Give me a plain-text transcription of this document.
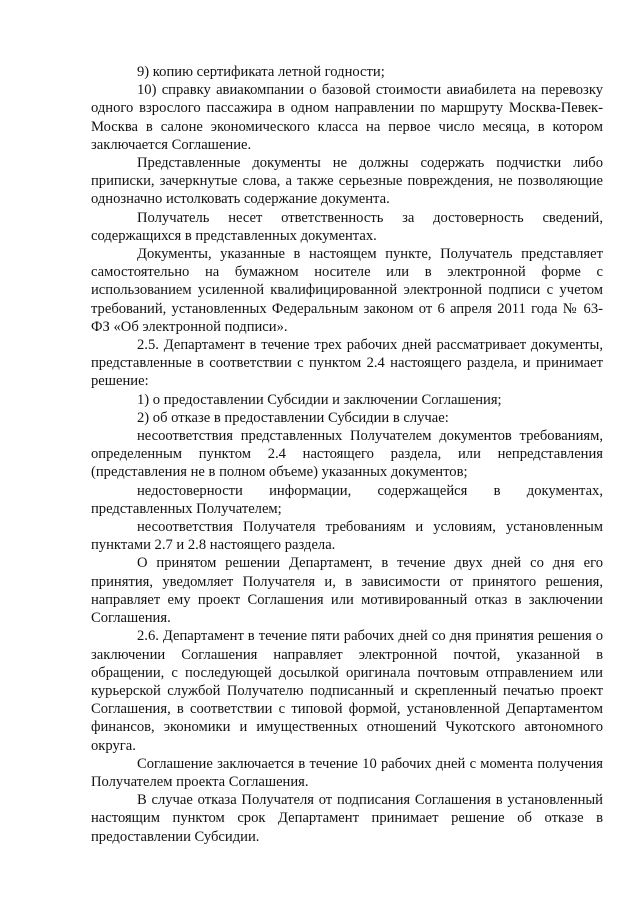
9) копию сертификата летной годности;

10) справку авиакомпании о базовой стоимости авиабилета на перевозку одного взрослого пассажира в одном направлении по маршруту Москва-Певек-Москва в салоне экономического класса на первое число месяца, в котором заключается Соглашение.

Представленные документы не должны содержать подчистки либо приписки, зачеркнутые слова, а также серьезные повреждения, не позволяющие однозначно истолковать содержание документа.

Получатель несет ответственность за достоверность сведений, содержащихся в представленных документах.

Документы, указанные в настоящем пункте, Получатель представляет самостоятельно на бумажном носителе или в электронной форме с использованием усиленной квалифицированной электронной подписи с учетом требований, установленных Федеральным законом от 6 апреля 2011 года № 63-ФЗ «Об электронной подписи».

2.5. Департамент в течение трех рабочих дней рассматривает документы, представленные в соответствии с пунктом 2.4 настоящего раздела, и принимает решение:

1) о предоставлении Субсидии и заключении Соглашения;

2) об отказе в предоставлении Субсидии в случае:

несоответствия представленных Получателем документов требованиям, определенным пунктом 2.4 настоящего раздела, или непредставления (представления не в полном объеме) указанных документов;

недостоверности информации, содержащейся в документах, представленных Получателем;

несоответствия Получателя требованиям и условиям, установленным пунктами 2.7 и 2.8 настоящего раздела.

О принятом решении Департамент, в течение двух дней со дня его принятия, уведомляет Получателя и, в зависимости от принятого решения, направляет ему проект Соглашения или мотивированный отказ в заключении Соглашения.

2.6. Департамент в течение пяти рабочих дней со дня принятия решения о заключении Соглашения направляет электронной почтой, указанной в обращении, с последующей досылкой оригинала почтовым отправлением или курьерской службой Получателю подписанный и скрепленный печатью проект Соглашения, в соответствии с типовой формой, установленной Департаментом финансов, экономики и имущественных отношений Чукотского автономного округа.

Соглашение заключается в течение 10 рабочих дней с момента получения Получателем проекта Соглашения.

В случае отказа Получателя от подписания Соглашения в установленный настоящим пунктом срок Департамент принимает решение об отказе в предоставлении Субсидии.
